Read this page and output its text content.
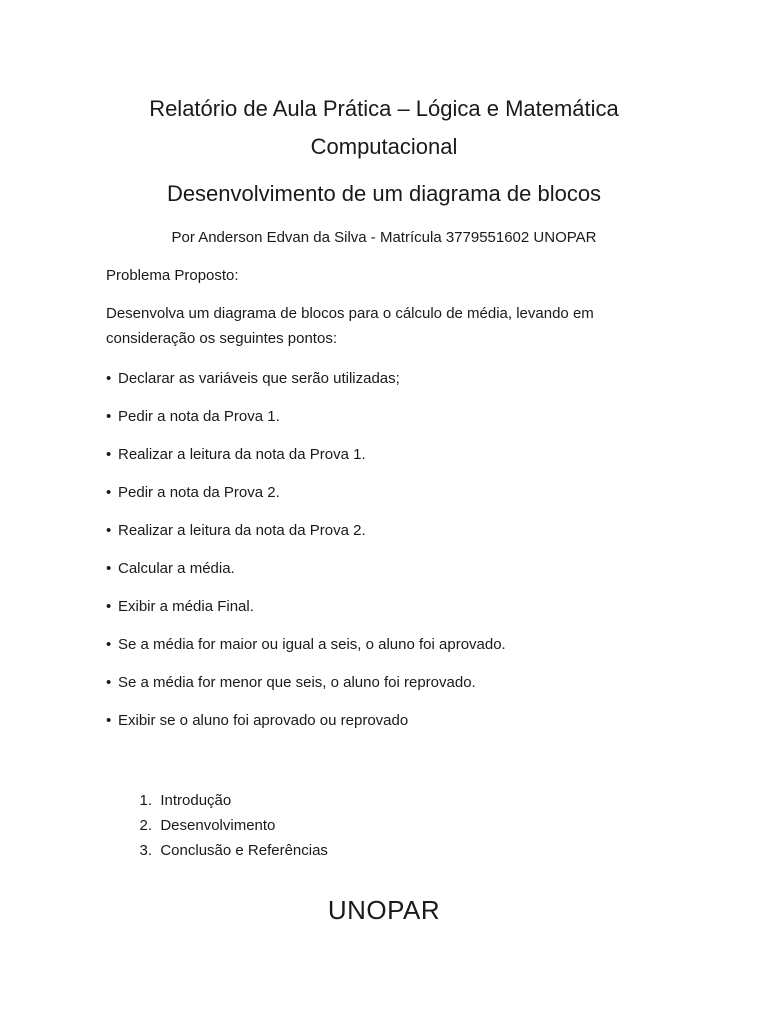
Relatório de Aula Prática – Lógica e Matemática
Computacional
Desenvolvimento de um diagrama de blocos

Por Anderson Edvan da Silva - Matrícula 3779551602 UNOPAR

Problema Proposto:

Desenvolva um diagrama de blocos para o cálculo de média, levando em
consideração os seguintes pontos:

• Declarar as variáveis que serão utilizadas;
• Pedir a nota da Prova 1.
• Realizar a leitura da nota da Prova 1.
• Pedir a nota da Prova 2.
• Realizar a leitura da nota da Prova 2.
• Calcular a média.
• Exibir a média Final.
• Se a média for maior ou igual a seis, o aluno foi aprovado.
• Se a média for menor que seis, o aluno foi reprovado.
• Exibir se o aluno foi aprovado ou reprovado
1. Introdução
2. Desenvolvimento
3. Conclusão e Referências
UNOPAR
